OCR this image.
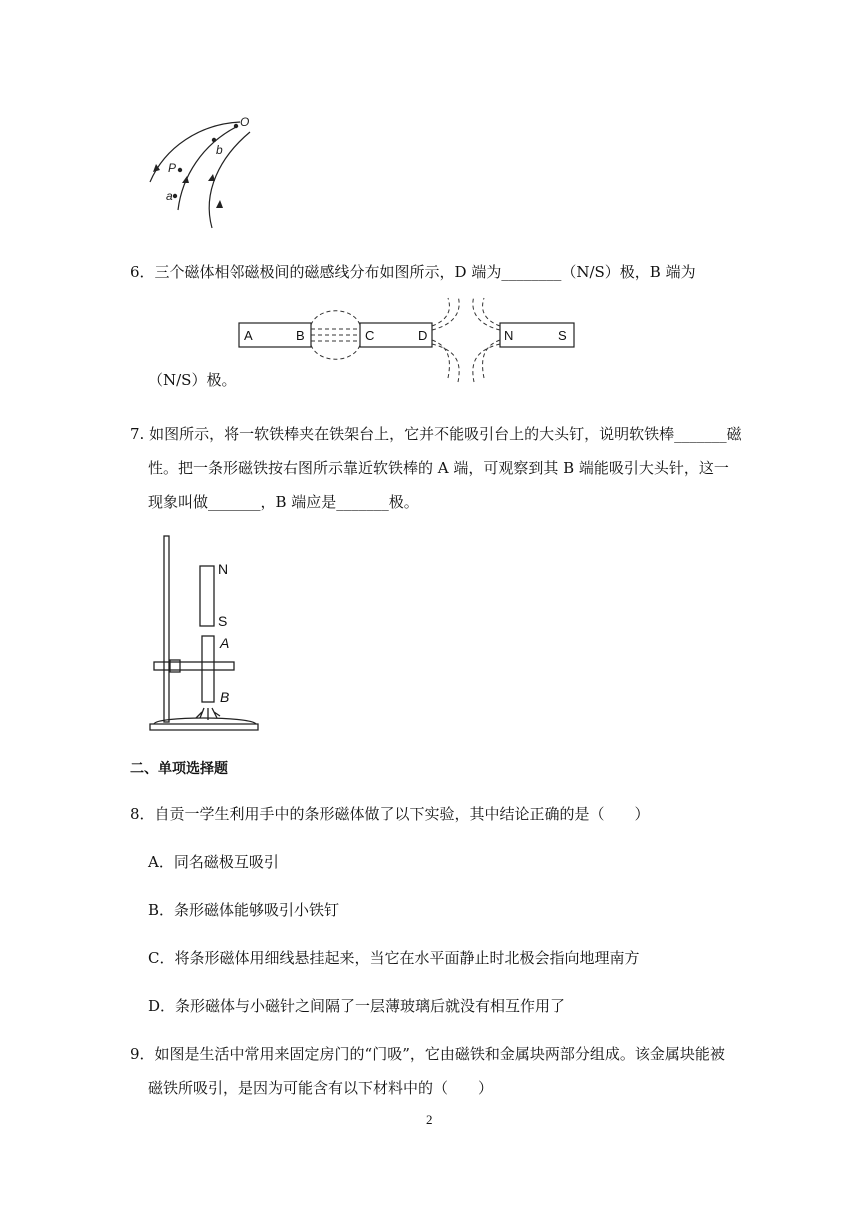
O
P
a
b
6．三个磁体相邻磁极间的磁感线分布如图所示，D 端为________（N/S）极，B 端为
A	B	C	D	N	S
（N/S）极。
7. 如图所示，将一软铁棒夹在铁架台上，它并不能吸引台上的大头钉，说明软铁棒_______磁
性。把一条形磁铁按右图所示靠近软铁棒的 A 端，可观察到其 B 端能吸引大头针，这一
现象叫做_______，B 端应是_______极。
N
S
A
B
二、单项选择题
8．自贡一学生利用手中的条形磁体做了以下实验，其中结论正确的是（　　）
A．同名磁极互吸引
B．条形磁体能够吸引小铁钉
C．将条形磁体用细线悬挂起来，当它在水平面静止时北极会指向地理南方
D．条形磁体与小磁针之间隔了一层薄玻璃后就没有相互作用了
9．如图是生活中常用来固定房门的“门吸”，它由磁铁和金属块两部分组成。该金属块能被
磁铁所吸引，是因为可能含有以下材料中的（　　）
2
